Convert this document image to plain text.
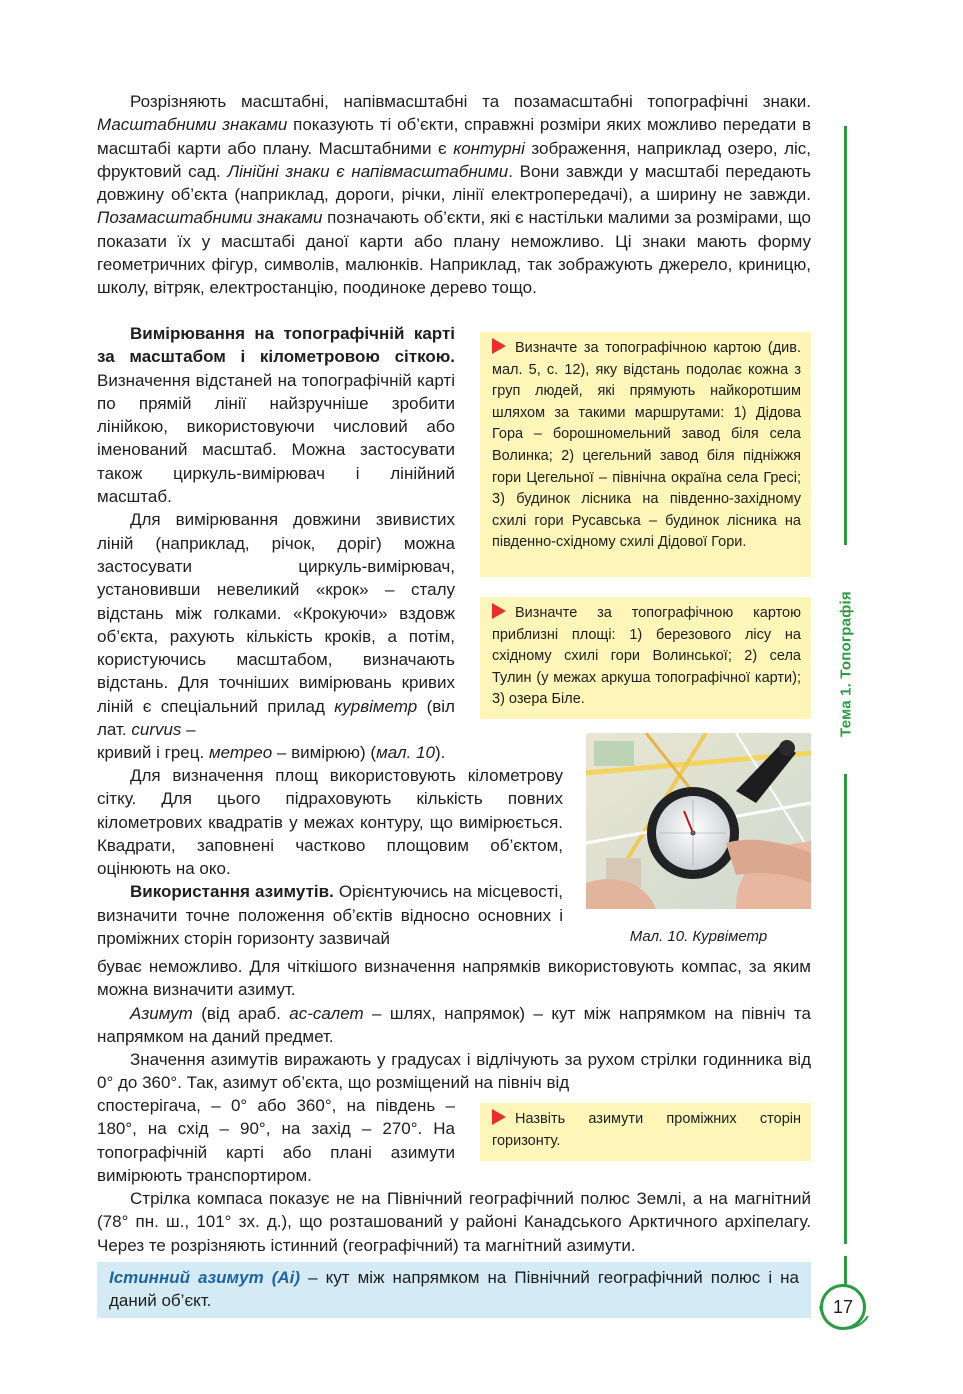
Розрізняють масштабні, напівмасштабні та позамасштабні топографічні знаки. Масштабними знаками показують ті об’єкти, справжні розміри яких можливо передати в масштабі карти або плану. Масштабними є контурні зображення, наприклад озеро, ліс, фруктовий сад. Лінійні знаки є напівмасштабними. Вони завжди у масштабі передають довжину об’єкта (наприклад, дороги, річки, лінії електропередачі), а ширину не завжди. Позамасштабними знаками позначають об’єкти, які є настільки малими за розмірами, що показати їх у масштабі даної карти або плану неможливо. Ці знаки мають форму геометричних фігур, символів, малюнків. Наприклад, так зображують джерело, криницю, школу, вітряк, електростанцію, поодиноке дерево тощо.

Вимірювання на топографічній карті за масштабом і кілометровою сіткою. Визначення відстаней на топографічній карті по прямій лінії найзручніше зробити лінійкою, використовуючи числовий або іменований масштаб. Можна застосувати також циркуль-вимірювач і лінійний масштаб.

Для вимірювання довжини звивистих ліній (наприклад, річок, доріг) можна застосувати циркуль-вимірювач, установивши невеликий «крок» – сталу відстань між голками. «Крокуючи» вздовж об’єкта, рахують кількість кроків, а потім, користуючись масштабом, визначають відстань. Для точніших вимірювань кривих ліній є спеціальний прилад курвіметр (віл лат. curvus –

кривий і грец. метрео – вимірюю) (мал. 10).

Для визначення площ використовують кілометрову сітку. Для цього підраховують кількість повних кілометрових квадратів у межах контуру, що вимірюється. Квадрати, заповнені частково площовим об’єктом, оцінюють на око.

Використання азимутів. Орієнтуючись на місцевості, визначити точне положення об’єктів відносно основних і проміжних сторін горизонту зазвичай

буває неможливо. Для чіткішого визначення напрямків використовують компас, за яким можна визначити азимут.

Азимут (від араб. ас-салет – шлях, напрямок) – кут між напрямком на північ та напрямком на даний предмет.

Значення азимутів виражають у градусах і відлічують за рухом стрілки годинника від 0° до 360°. Так, азимут об’єкта, що розміщений на північ від

спостерігача, – 0° або 360°, на південь – 180°, на схід – 90°, на захід – 270°. На топографічній карті або плані азимути вимірюють транспортиром.

Стрілка компаса показує не на Північний географічний полюс Землі, а на магнітний (78° пн. ш., 101° зх. д.), що розташований у районі Канадського Арктичного архіпелагу. Через те розрізняють істинний (географічний) та магнітний азимути.

Визначте за топографічною картою (див. мал. 5, с. 12), яку відстань подолає кожна з груп людей, які прямують найкоротшим шляхом за такими маршрутами: 1) Дідова Гора – борошномельний завод біля села Волинка; 2) цегельний завод біля підніжжя гори Цегельної – північна окраїна села Гресі; 3) будинок лісника на південно-західному схилі гори Русавська – будинок лісника на південно-східному схилі Дідової Гори.
Визначте за топографічною картою приблизні площі: 1) березового лісу на східному схилі гори Волинської; 2) села Тулин (у межах аркуша топографічної карти); 3) озера Біле.
Назвіть азимути проміжних сторін горизонту.
Мал. 10. Курвіметр
Істинний азимут (Аі) – кут між напрямком на Північний географічний полюс і на даний об’єкт.
Тема 1. Топографія
17
